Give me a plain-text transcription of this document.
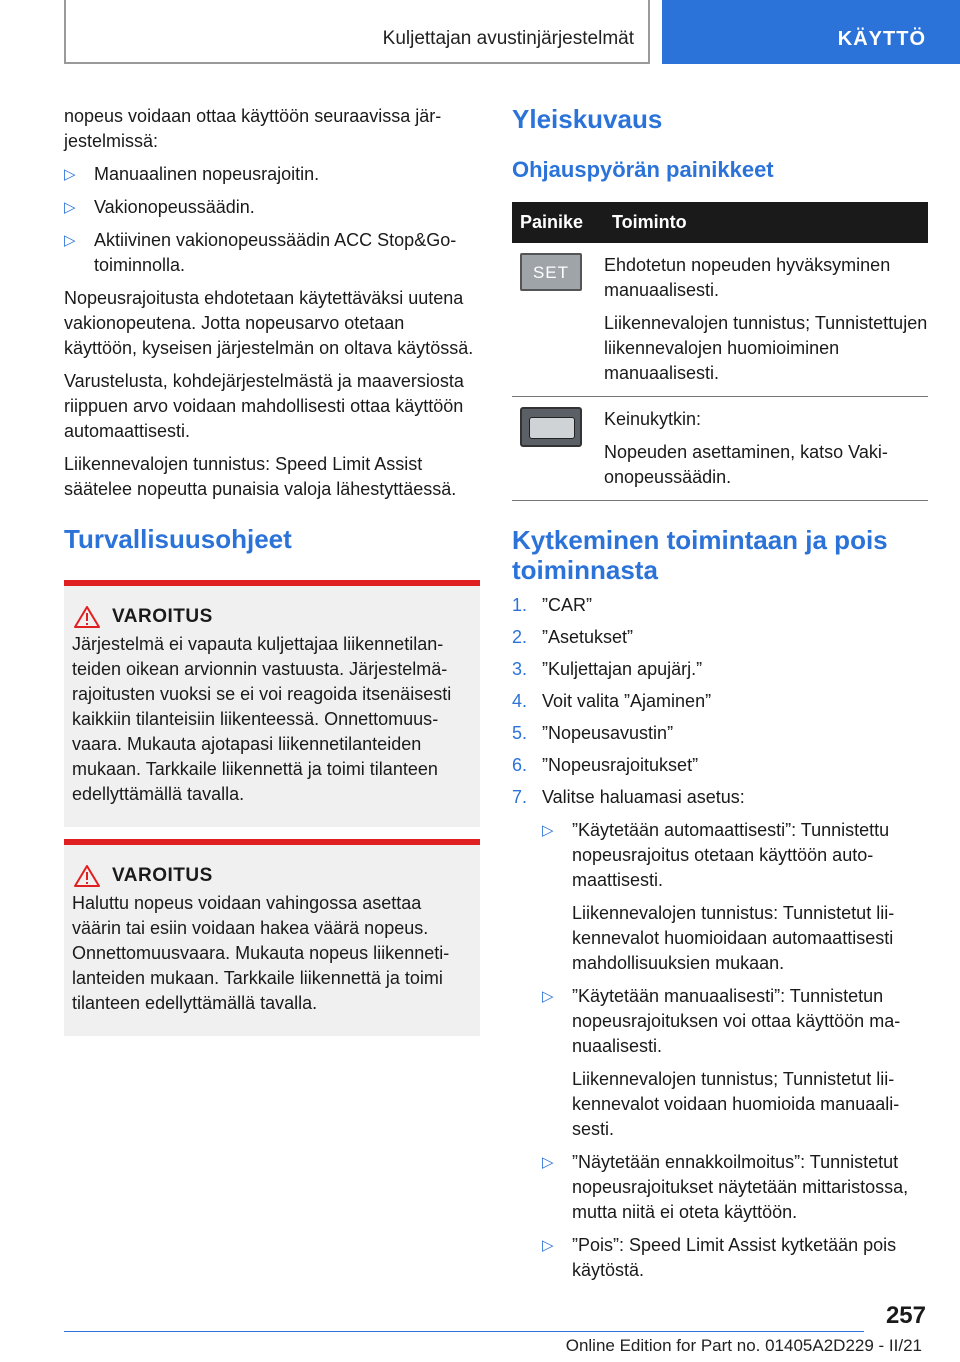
Kuljettajan avustinjärjestelmät	KÄYTTÖ

nopeus voidaan ottaa käyttöön seuraavissa järjestelmissä:

▷ Manuaalinen nopeusrajoitin.
▷ Vakionopeussäädin.
▷ Aktiivinen vakionopeussäädin ACC Stop&Go-toiminnolla.

Nopeusrajoitusta ehdotetaan käytettäväksi uutena vakionopeutena. Jotta nopeusarvo otetaan käyttöön, kyseisen järjestelmän on oltava käytössä.

Varustelusta, kohdejärjestelmästä ja maaversiosta riippuen arvo voidaan mahdollisesti ottaa käyttöön automaattisesti.

Liikennevalojen tunnistus: Speed Limit Assist säätelee nopeutta punaisia valoja lähestyttäessä.

Turvallisuusohjeet
VAROITUS

Järjestelmä ei vapauta kuljettajaa liikennetilanteiden oikean arvionnin vastuusta. Järjestelmärajoitusten vuoksi se ei voi reagoida itsenäisesti kaikkiin tilanteisiin liikenteessä. Onnettomuusvaara. Mukauta ajotapasi liikennetilanteiden mukaan. Tarkkaile liikennettä ja toimi tilanteen edellyttämällä tavalla.

VAROITUS

Haluttu nopeus voidaan vahingossa asettaa väärin tai esiin voidaan hakea väärä nopeus. Onnettomuusvaara. Mukauta nopeus liikennetilanteiden mukaan. Tarkkaile liikennettä ja toimi tilanteen edellyttämällä tavalla.

Yleiskuvaus
Ohjauspyörän painikkeet
Painike	Toiminto

SET	Ehdotetun nopeuden hyväksyminen manuaalisesti.

Liikennevalojen tunnistus; Tunnistettujen liikennevalojen huomioiminen manuaalisesti.

	Keinukytkin:

Nopeuden asettaminen, katso Vakionopeussäädin.

Kytkeminen toimintaan ja pois toiminnasta
1. ”CAR”
2. ”Asetukset”
3. ”Kuljettajan apujärj.”
4. Voit valita ”Ajaminen”
5. ”Nopeusavustin”
6. ”Nopeusrajoitukset”
7. Valitse haluamasi asetus:
▷ ”Käytetään automaattisesti”: Tunnistettu nopeusrajoitus otetaan käyttöön automaattisesti.

Liikennevalojen tunnistus: Tunnistetut liikennevalot huomioidaan automaattisesti mahdollisuuksien mukaan.

▷ ”Käytetään manuaalisesti”: Tunnistetun nopeusrajoituksen voi ottaa käyttöön manuaalisesti.

Liikennevalojen tunnistus; Tunnistetut liikennevalot voidaan huomioida manuaalisesti.

▷ ”Näytetään ennakkoilmoitus”: Tunnistetut nopeusrajoitukset näytetään mittaristossa, mutta niitä ei oteta käyttöön.

▷ ”Pois”: Speed Limit Assist kytketään pois käytöstä.

257
Online Edition for Part no. 01405A2D229 - II/21
